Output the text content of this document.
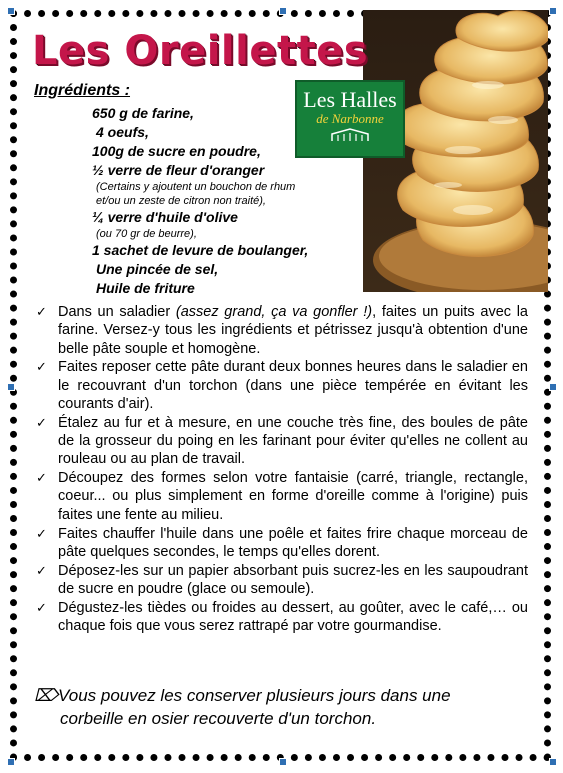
Les Halles
de Narbonne
Les Oreillettes
Ingrédients :
650 g de farine,
4 oeufs,
100g de sucre en poudre,
½ verre de fleur d'oranger
(Certains y ajoutent un bouchon de rhum
et/ou un zeste de citron non traité),
¼ verre d'huile d'olive
(ou 70 gr de beurre),
1 sachet de levure de boulanger,
Une pincée de sel,
Huile de friture
✓ Dans un saladier (assez grand, ça va gonfler !), faites un puits avec la farine. Versez-y tous les ingrédients et pétrissez jusqu'à obtention d'une belle pâte souple et homogène.
✓ Faites reposer cette pâte durant deux bonnes heures dans le saladier en le recouvrant d'un torchon (dans une pièce tempérée en évitant les courants d'air).
✓ Étalez au fur et à mesure, en une couche très fine, des boules de pâte de la grosseur du poing en les farinant pour éviter qu'elles ne collent au rouleau ou au plan de travail.
✓ Découpez des formes selon votre fantaisie (carré, triangle, rectangle, coeur... ou plus simplement en forme d'oreille comme à l'origine) puis faites une fente au milieu.
✓ Faites chauffer l'huile dans une poêle et faites frire chaque morceau de pâte quelques secondes, le temps qu'elles dorent.
✓ Déposez-les sur un papier absorbant puis sucrez-les en les saupoudrant de sucre en poudre (glace ou semoule).
✓ Dégustez-les tièdes ou froides au dessert, au goûter, avec le café,… ou chaque fois que vous serez rattrapé par votre gourmandise.
⌦Vous pouvez les conserver plusieurs jours dans une
corbeille en osier recouverte d'un torchon.
